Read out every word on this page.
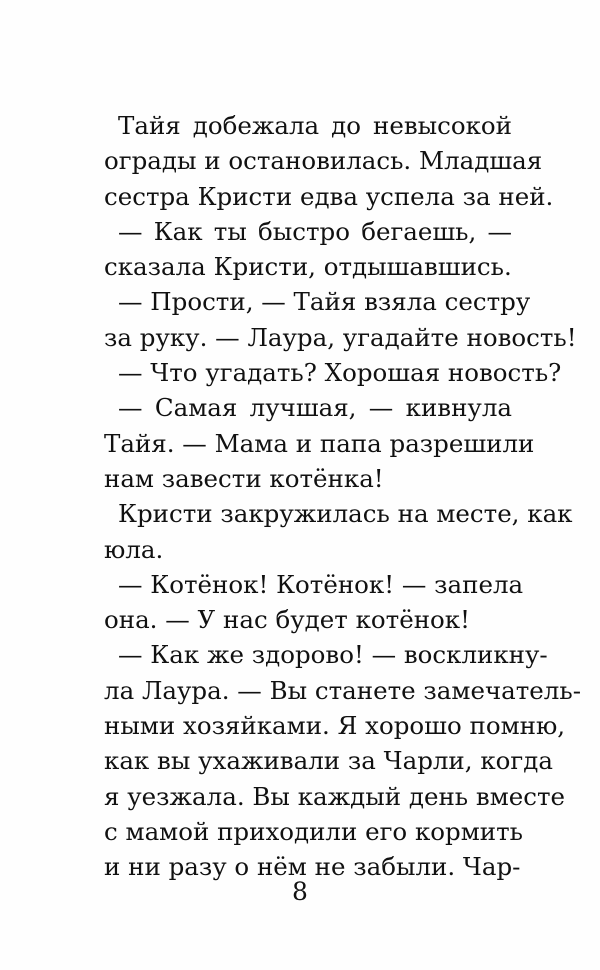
Тайя добежала до невысокой
ограды и остановилась. Младшая
сестра Кристи едва успела за ней.
— Как ты быстро бегаешь, —
сказала Кристи, отдышавшись.
— Прости, — Тайя взяла сестру
за руку. — Лаура, угадайте новость!
— Что угадать? Хорошая новость?
— Самая лучшая, — кивнула
Тайя. — Мама и папа разрешили
нам завести котёнка!
Кристи закружилась на месте, как
юла.
— Котёнок! Котёнок! — запела
она. — У нас будет котёнок!
— Как же здорово! — воскликну-
ла Лаура. — Вы станете замечатель-
ными хозяйками. Я хорошо помню,
как вы ухаживали за Чарли, когда
я уезжала. Вы каждый день вместе
с мамой приходили его кормить
и ни разу о нём не забыли. Чар-
8
